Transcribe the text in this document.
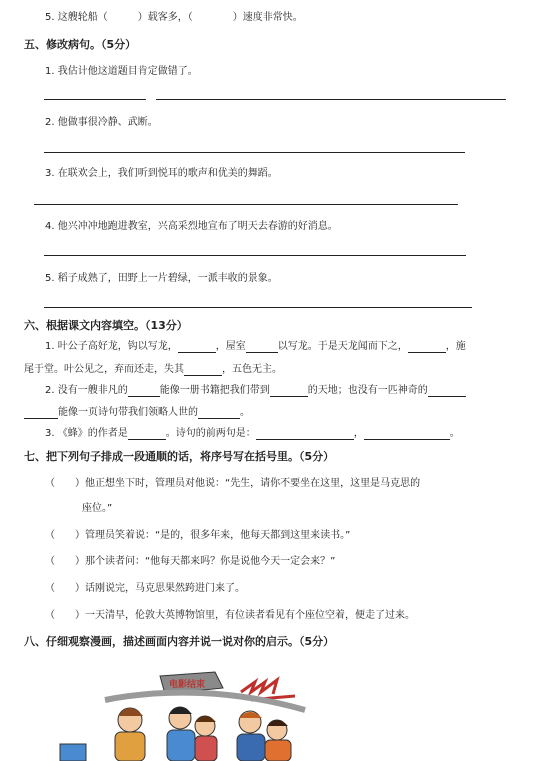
5. 这艘轮船（	）载客多，（	）速度非常快。
五、修改病句。（5分）
1. 我估计他这道题目肯定做错了。
2. 他做事很冷静、武断。
3. 在联欢会上，我们听到悦耳的歌声和优美的舞蹈。
4. 他兴冲冲地跑进教室，兴高采烈地宣布了明天去春游的好消息。
5. 稻子成熟了，田野上一片碧绿，一派丰收的景象。
六、根据课文内容填空。（13分）
1. 叶公子高好龙，钩以写龙，	，屋室	以写龙。于是天龙闻而下之，	，施
尾于堂。叶公见之，弃而还走，失其	，五色无主。
2. 没有一艘非凡的	能像一册书籍把我们带到	的天地；也没有一匹神奇的
能像一页诗句带我们领略人世的	。
3. 《蜂》的作者是	。诗句的前两句是：	，	。
七、把下列句子排成一段通顺的话，将序号写在括号里。（5分）
（　　）他正想坐下时，管理员对他说：“先生，请你不要坐在这里，这里是马克思的
座位。”
（　　）管理员笑着说：“是的，很多年来，他每天都到这里来读书。”
（　　）那个读者问：“他每天都来吗？你是说他今天一定会来？”
（　　）话刚说完，马克思果然跨进门来了。
（　　）一天清早，伦敦大英博物馆里，有位读者看见有个座位空着，便走了过来。
八、仔细观察漫画，描述画面内容并说一说对你的启示。（5分）
电影结束
